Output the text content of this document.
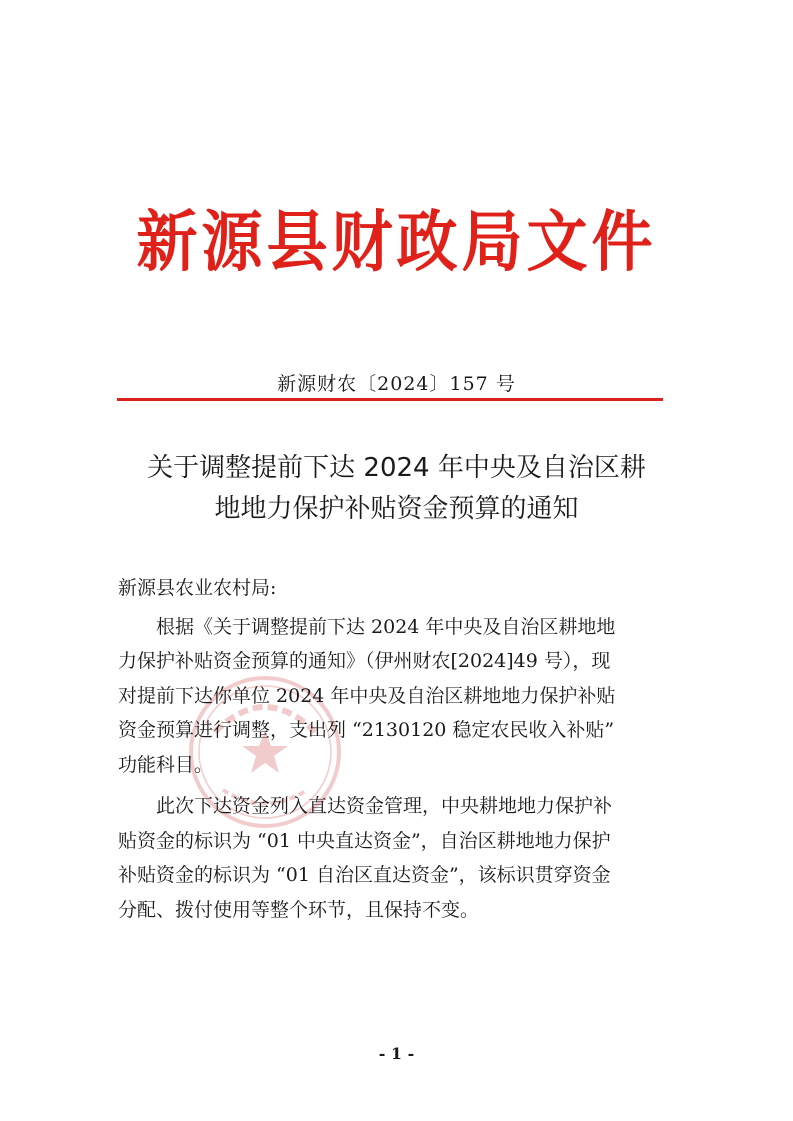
新源县财政局文件
新源财农〔2024〕157 号
关于调整提前下达 2024 年中央及自治区耕
地地力保护补贴资金预算的通知

新源县农业农村局:

根据《关于调整提前下达 2024 年中央及自治区耕地地
力保护补贴资金预算的通知》（伊州财农[2024]49 号），现
对提前下达你单位 2024 年中央及自治区耕地地力保护补贴
资金预算进行调整，支出列 “2130120 稳定农民收入补贴”
功能科目。

此次下达资金列入直达资金管理，中央耕地地力保护补
贴资金的标识为 “01 中央直达资金”，自治区耕地地力保护
补贴资金的标识为 “01 自治区直达资金”，该标识贯穿资金
分配、拨付使用等整个环节，且保持不变。

- 1 -
